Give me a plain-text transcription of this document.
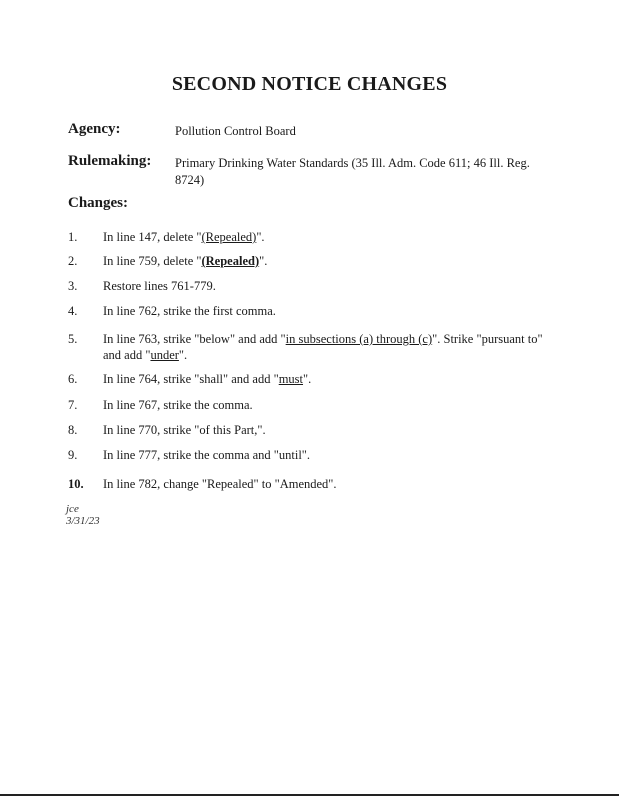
SECOND NOTICE CHANGES
Agency:	Pollution Control Board
Rulemaking: Primary Drinking Water Standards (35 Ill. Adm. Code 611; 46 Ill. Reg. 8724)
Changes:
1. In line 147, delete "(Repealed)".
2. In line 759, delete "(Repealed)".
3. Restore lines 761-779.
4. In line 762, strike the first comma.
5. In line 763, strike "below" and add "in subsections (a) through (c)". Strike "pursuant to" and add "under".
6. In line 764, strike "shall" and add "must".
7. In line 767, strike the comma.
8. In line 770, strike "of this Part,".
9. In line 777, strike the comma and "until".
10. In line 782, change "Repealed" to "Amended".
jce
3/31/23
